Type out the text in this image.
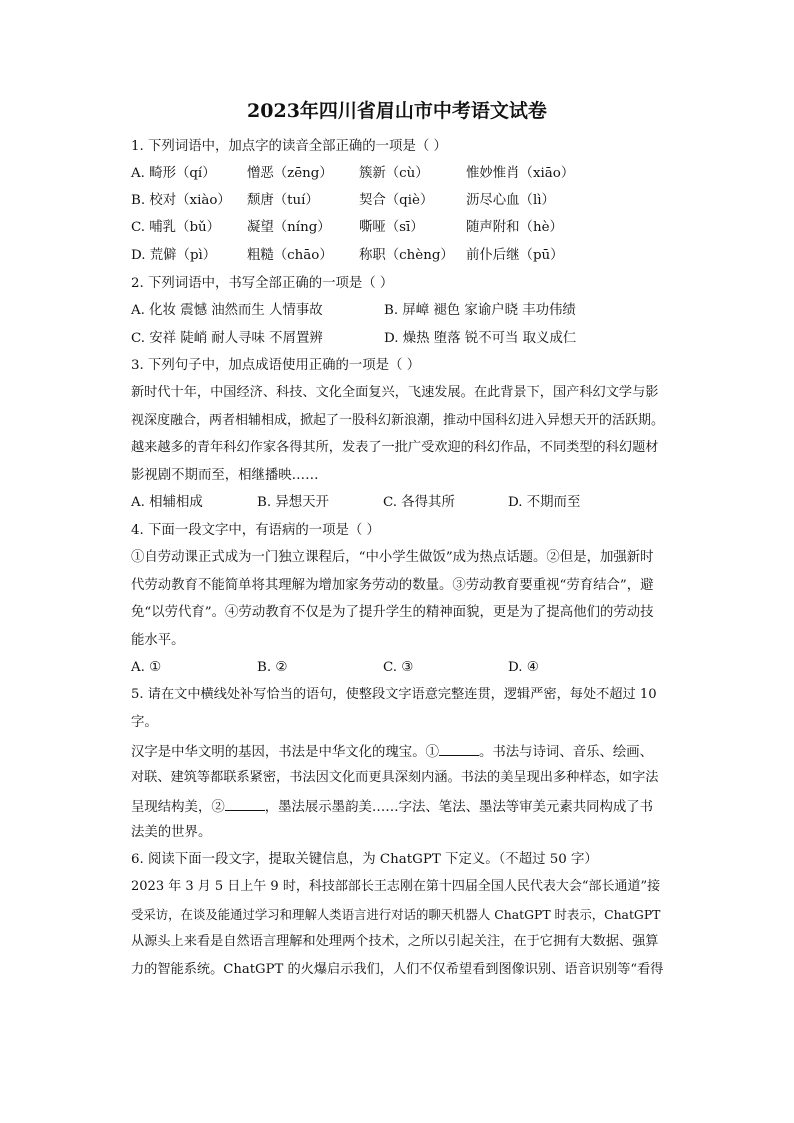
2023年四川省眉山市中考语文试卷
1. 下列词语中，加点字的读音全部正确的一项是（ ）
A. 畸形（qí） 憎恶（zēng） 簇新（cù）	惟妙惟肖（xiāo）
B. 校对（xiào） 颓唐（tuí）	契合（qiè） 沥尽心血（lì）
C. 哺乳（bǔ） 凝望（níng） 嘶哑（sī）	随声附和（hè）
D. 荒僻（pì） 粗糙（chāo） 称职（chèng） 前仆后继（pū）
2. 下列词语中，书写全部正确的一项是（ ）
A. 化妆 震憾 油然而生 人情事故	B. 屏嶂 褪色 家谕户晓 丰功伟绩
C. 安祥 陡峭 耐人寻味 不屑置辨	D. 燥热 堕落 锐不可当 取义成仁
3. 下列句子中，加点成语使用正确的一项是（ ）
新时代十年，中国经济、科技、文化全面复兴，飞速发展。在此背景下，国产科幻文学与影
视深度融合，两者相辅相成，掀起了一股科幻新浪潮，推动中国科幻进入异想天开的活跃期。
越来越多的青年科幻作家各得其所，发表了一批广受欢迎的科幻作品，不同类型的科幻题材
影视剧不期而至，相继播映……
A. 相辅相成	B. 异想天开	C. 各得其所	D. 不期而至
4. 下面一段文字中，有语病的一项是（ ）
①自劳动课正式成为一门独立课程后，“中小学生做饭”成为热点话题。②但是，加强新时
代劳动教育不能简单将其理解为增加家务劳动的数量。③劳动教育要重视“劳育结合”，避
免“以劳代育”。④劳动教育不仅是为了提升学生的精神面貌，更是为了提高他们的劳动技
能水平。
A. ①	B. ②	C. ③	D. ④
5. 请在文中横线处补写恰当的语句，使整段文字语意完整连贯，逻辑严密，每处不超过 10
字。
汉字是中华文明的基因，书法是中华文化的瑰宝。①	。书法与诗词、音乐、绘画、
对联、建筑等都联系紧密，书法因文化而更具深刻内涵。书法的美呈现出多种样态，如字法
呈现结构美，②	，墨法展示墨韵美……字法、笔法、墨法等审美元素共同构成了书
法美的世界。
6. 阅读下面一段文字，提取关键信息，为 ChatGPT 下定义。（不超过 50 字）
2023 年 3 月 5 日上午 9 时，科技部部长王志刚在第十四届全国人民代表大会“部长通道”接
受采访，在谈及能通过学习和理解人类语言进行对话的聊天机器人 ChatGPT 时表示，ChatGPT
从源头上来看是自然语言理解和处理两个技术，之所以引起关注，在于它拥有大数据、强算
力的智能系统。ChatGPT 的火爆启示我们，人们不仅希望看到图像识别、语音识别等“看得
